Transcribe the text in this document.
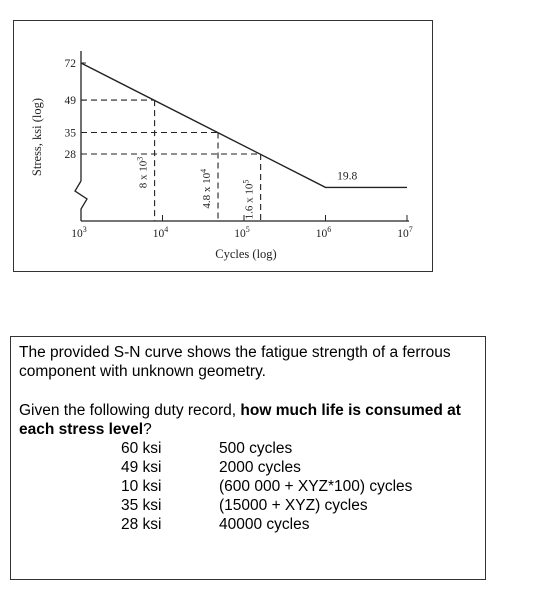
72
49
35
28
$10^3$	$10^4$	$10^5$	$10^6$	$10^7$
Cycles (log)
Stress, ksi (log)	8 x $10^3$
4.8 x $10^4$
1.6 x $10^5$	19.8

The provided S-N curve shows the fatigue strength of a ferrous component with unknown geometry.

Given the following duty record, how much life is consumed at each stress level?

60 ksi	500 cycles
49 ksi	2000 cycles
10 ksi	(600 000 + XYZ*100) cycles
35 ksi	(15000 + XYZ) cycles
28 ksi	40000 cycles
